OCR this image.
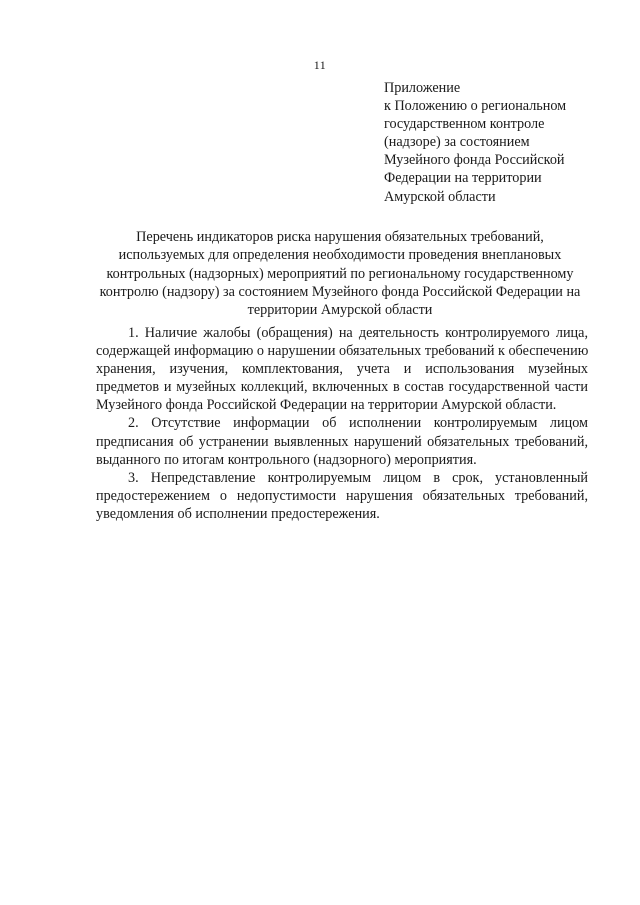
11
Приложение
к Положению о региональном
государственном контроле
(надзоре) за состоянием
Музейного фонда Российской
Федерации на территории
Амурской области
Перечень индикаторов риска нарушения обязательных требований,
используемых для определения необходимости проведения внеплановых
контрольных (надзорных) мероприятий по региональному государственному
контролю (надзору) за состоянием Музейного фонда Российской Федерации на
территории Амурской области
1. Наличие жалобы (обращения) на деятельность контролируемого лица,
содержащей информацию о нарушении обязательных требований к обеспечению
хранения, изучения, комплектования, учета и использования музейных
предметов и музейных коллекций, включенных в состав государственной части
Музейного фонда Российской Федерации на территории Амурской области.
2. Отсутствие информации об исполнении контролируемым лицом
предписания об устранении выявленных нарушений обязательных требований,
выданного по итогам контрольного (надзорного) мероприятия.
3. Непредставление контролируемым лицом в срок, установленный
предостережением о недопустимости нарушения обязательных требований,
уведомления об исполнении предостережения.
